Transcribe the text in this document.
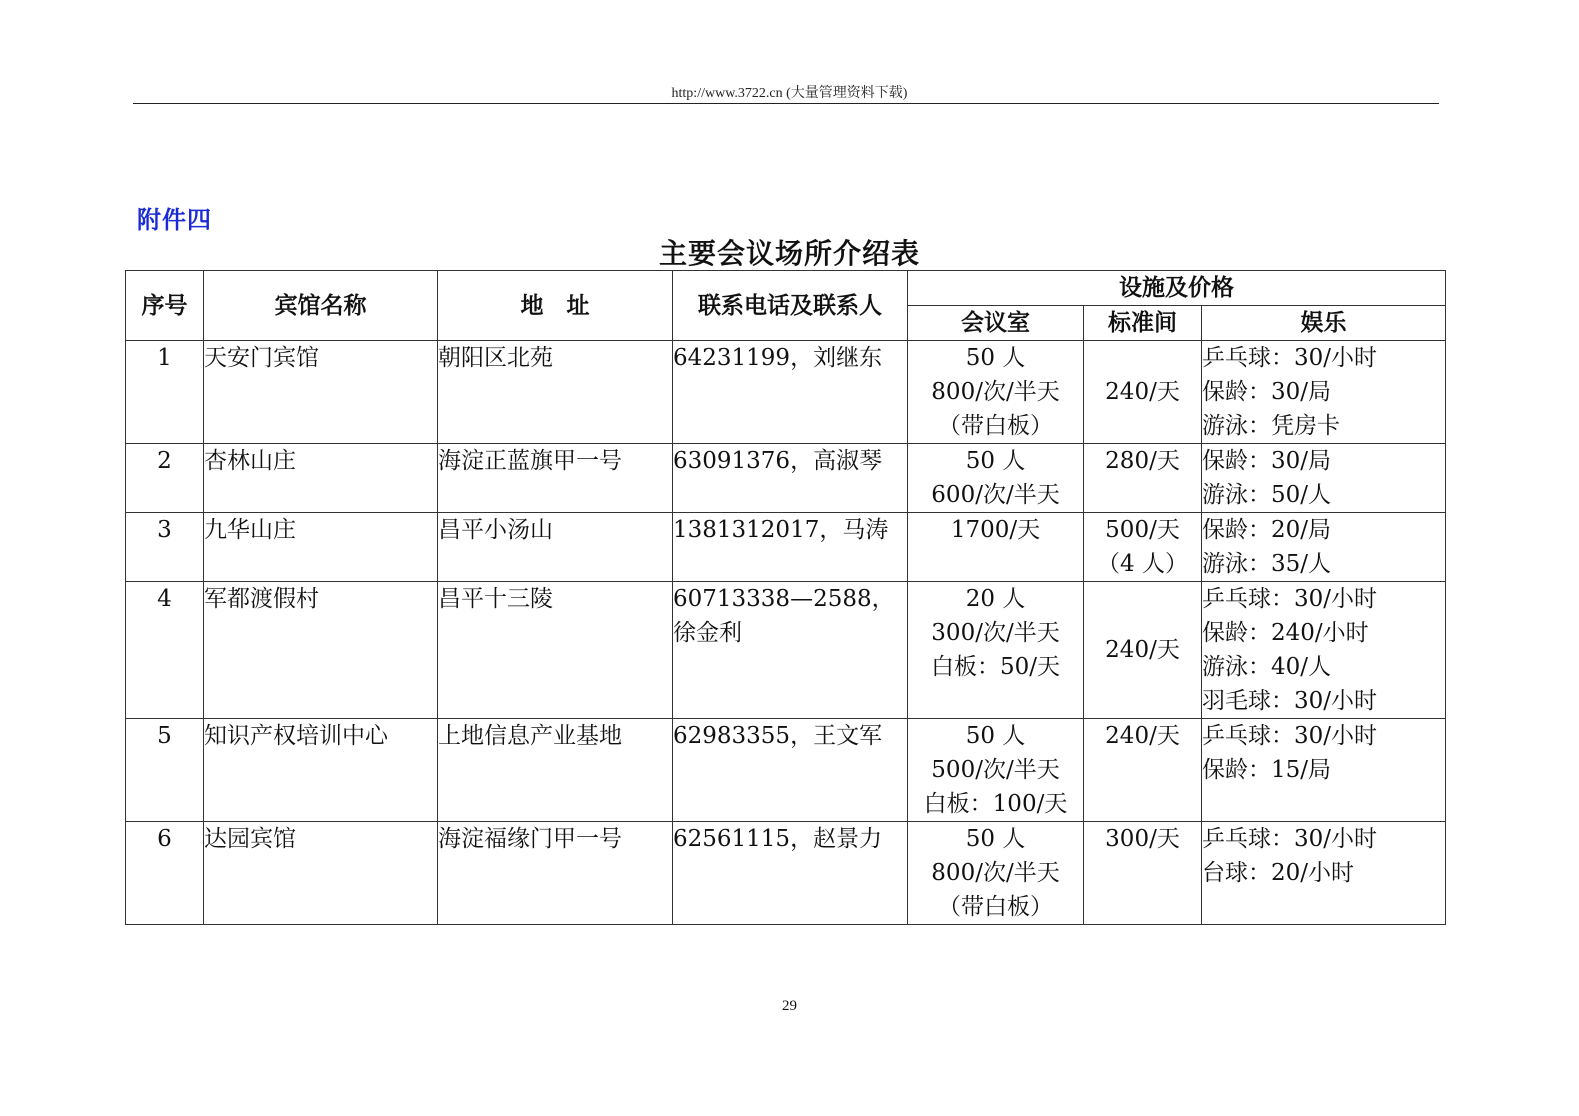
http://www.3722.cn (大量管理资料下载)
附件四
主要会议场所介绍表
序号	宾馆名称	地　址	联系电话及联系人	设施及价格		
				会议室	标准间	娱乐

1	天安门宾馆	朝阳区北苑	64231199，刘继东	50 人
800/次/半天
（带白板）	240/天	乒乓球：30/小时
保龄：30/局
游泳：凭房卡

2	杏林山庄	海淀正蓝旗甲一号	63091376，高淑琴	50 人
600/次/半天	280/天	保龄：30/局
游泳：50/人

3	九华山庄	昌平小汤山	1381312017，马涛	1700/天	500/天
（4 人）	保龄：20/局
游泳：35/人

4	军都渡假村	昌平十三陵	60713338—2588，
徐金利	20 人
300/次/半天
白板：50/天	240/天	乒乓球：30/小时
保龄：240/小时
游泳：40/人
羽毛球：30/小时

5	知识产权培训中心	上地信息产业基地	62983355，王文军	50 人
500/次/半天
白板：100/天	240/天	乒乓球：30/小时
保龄：15/局

6	达园宾馆	海淀福缘门甲一号	62561115，赵景力	50 人
800/次/半天
（带白板）	300/天	乒乓球：30/小时
台球：20/小时
29
